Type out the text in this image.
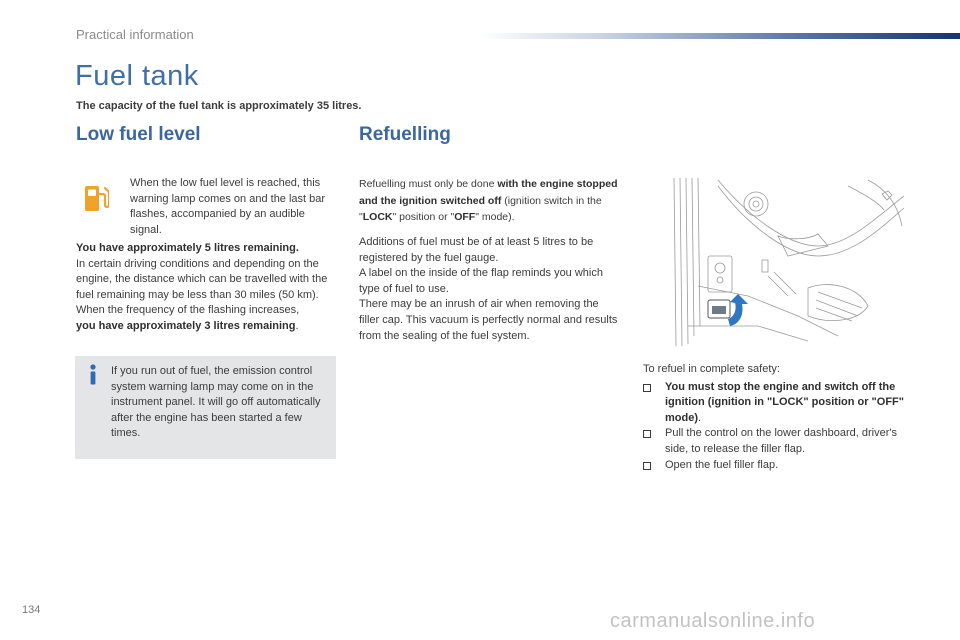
Practical information
Fuel tank
The capacity of the fuel tank is approximately 35 litres.
Low fuel level	Refuelling
When the low fuel level is reached, this warning lamp comes on and the last bar flashes, accompanied by an audible signal.

You have approximately 5 litres remaining.

In certain driving conditions and depending on the engine, the distance which can be travelled with the fuel remaining may be less than 30 miles (50 km).

When the frequency of the flashing increases,
you have approximately 3 litres remaining.

If you run out of fuel, the emission control system warning lamp may come on in the instrument panel. It will go off automatically after the engine has been started a few times.

Refuelling must only be done with the engine stopped and the ignition switched off (ignition switch in the "LOCK" position or "OFF" mode).

Additions of fuel must be of at least 5 litres to be registered by the fuel gauge.

A label on the inside of the flap reminds you which type of fuel to use.

There may be an inrush of air when removing the filler cap. This vacuum is perfectly normal and results from the sealing of the fuel system.

To refuel in complete safety:
You must stop the engine and switch off the ignition (ignition in "LOCK" position or "OFF" mode).
Pull the control on the lower dashboard, driver's side, to release the filler flap.
Open the fuel filler flap.
134	carmanualsonline.info
